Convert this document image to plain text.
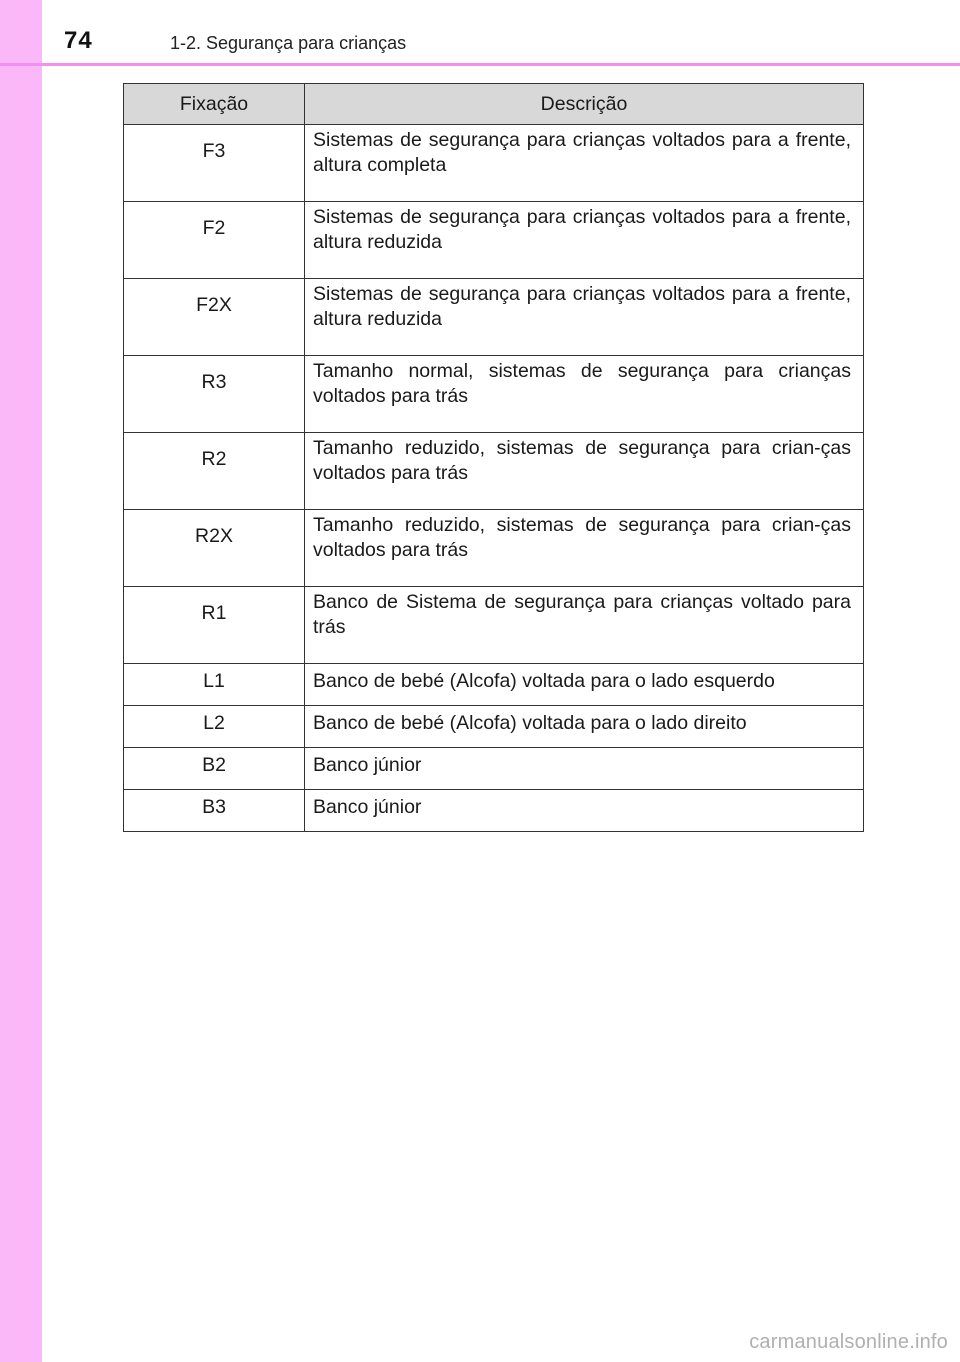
74	1-2. Segurança para crianças
Fixação	Descrição
F3	Sistemas de segurança para crianças voltados para a frente, altura completa
F2	Sistemas de segurança para crianças voltados para a frente, altura reduzida
F2X	Sistemas de segurança para crianças voltados para a frente, altura reduzida
R3	Tamanho normal, sistemas de segurança para crianças voltados para trás
R2	Tamanho reduzido, sistemas de segurança para crian-ças voltados para trás
R2X	Tamanho reduzido, sistemas de segurança para crian-ças voltados para trás
R1	Banco de Sistema de segurança para crianças voltado para trás
L1	Banco de bebé (Alcofa) voltada para o lado esquerdo
L2	Banco de bebé (Alcofa) voltada para o lado direito
B2	Banco júnior
B3	Banco júnior
carmanualsonline.info
